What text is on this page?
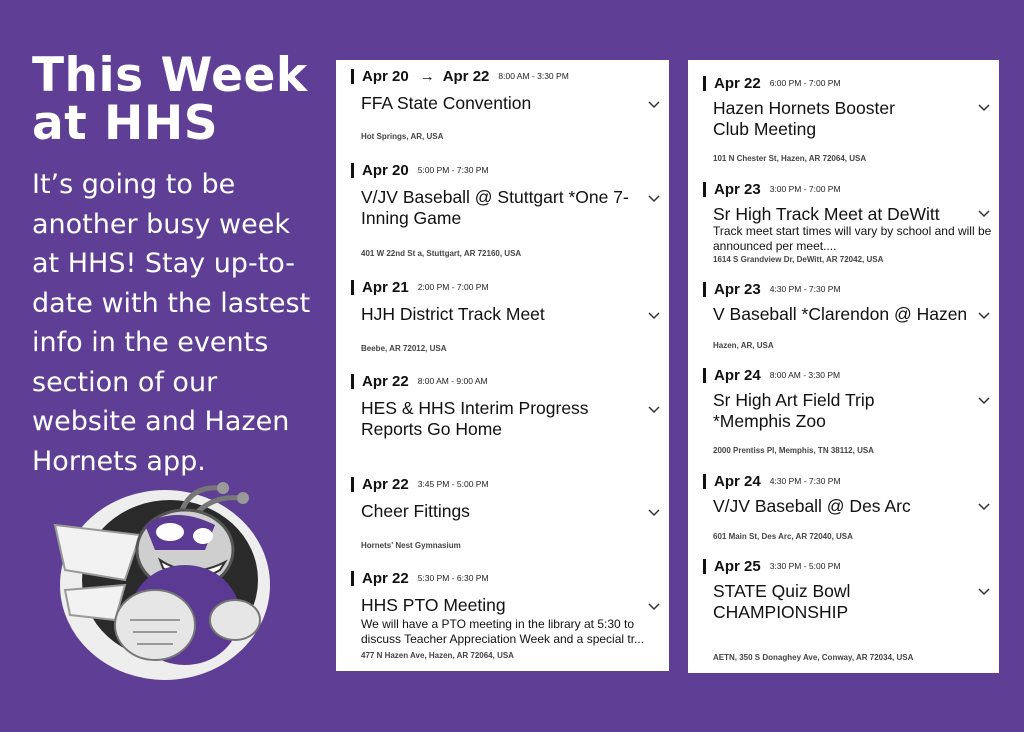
This Week at HHS
It’s going to be another busy week at HHS! Stay up-to-date with the lastest info in the events section of our website and Hazen Hornets app.
Apr 20 → Apr 22 8:00 AM - 3:30 PM
FFA State Convention
Hot Springs, AR, USA
Apr 20 5:00 PM - 7:30 PM
V/JV Baseball @ Stuttgart *One 7-Inning Game
401 W 22nd St a, Stuttgart, AR 72160, USA
Apr 21 2:00 PM - 7:00 PM
HJH District Track Meet
Beebe, AR 72012, USA
Apr 22 8:00 AM - 9:00 AM
HES & HHS Interim Progress Reports Go Home
Apr 22 3:45 PM - 5:00 PM
Cheer Fittings
Hornets' Nest Gymnasium
Apr 22 5:30 PM - 6:30 PM
HHS PTO Meeting
We will have a PTO meeting in the library at 5:30 to discuss Teacher Appreciation Week and a special tr...
477 N Hazen Ave, Hazen, AR 72064, USA
Apr 22 6:00 PM - 7:00 PM
Hazen Hornets Booster Club Meeting
101 N Chester St, Hazen, AR 72064, USA
Apr 23 3:00 PM - 7:00 PM
Sr High Track Meet at DeWitt
Track meet start times will vary by school and will be announced per meet....
1614 S Grandview Dr, DeWitt, AR 72042, USA
Apr 23 4:30 PM - 7:30 PM
V Baseball *Clarendon @ Hazen
Hazen, AR, USA
Apr 24 8:00 AM - 3:30 PM
Sr High Art Field Trip *Memphis Zoo
2000 Prentiss Pl, Memphis, TN 38112, USA
Apr 24 4:30 PM - 7:30 PM
V/JV Baseball @ Des Arc
601 Main St, Des Arc, AR 72040, USA
Apr 25 3:30 PM - 5:00 PM
STATE Quiz Bowl CHAMPIONSHIP
AETN, 350 S Donaghey Ave, Conway, AR 72034, USA
